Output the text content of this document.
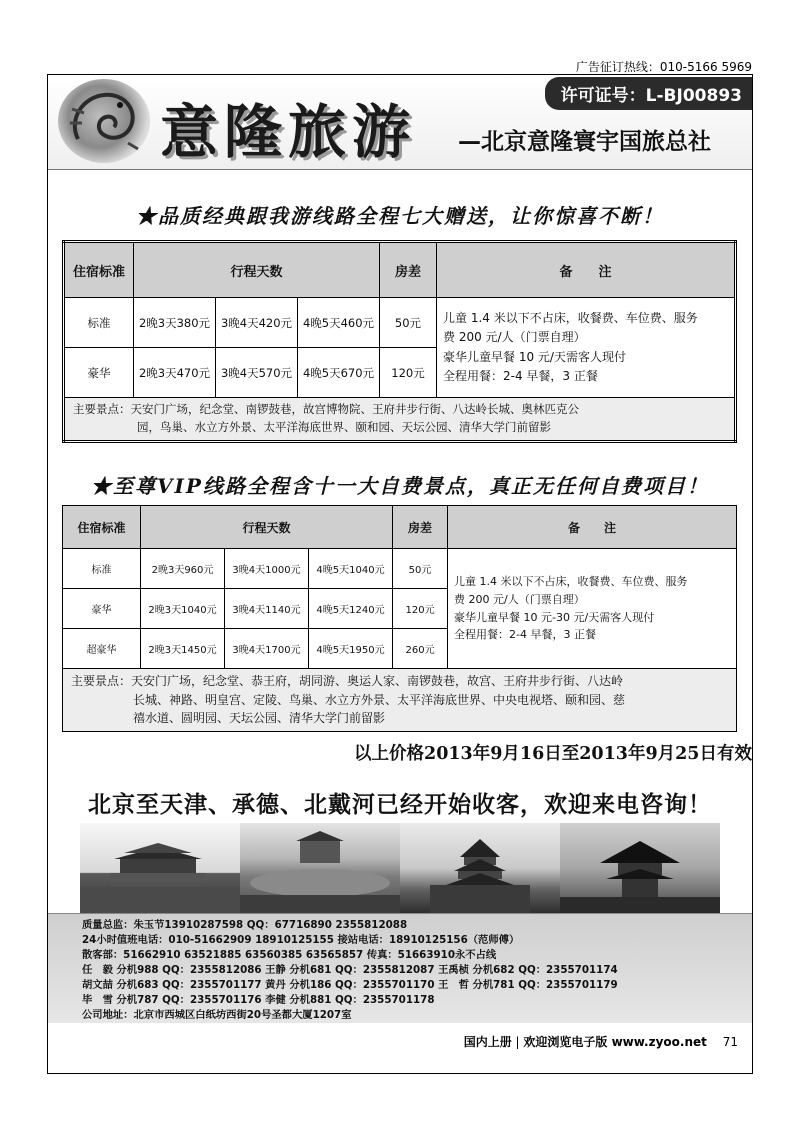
广告征订热线：010-5166 5969
意隆旅游 —北京意隆寰宇国旅总社
许可证号：L-BJ00893
★品质经典跟我游线路全程七大赠送，让你惊喜不断！
住宿标准	行程天数			房差	备　　注
标准	2晚3天380元	3晚4天420元	4晚5天460元	50元	儿童 1.4 米以下不占床，收餐费、车位费、服务
费 200 元/人（门票自理）
豪华儿童早餐 10 元/天需客人现付
全程用餐：2-4 早餐，3 正餐

豪华	2晚3天470元	3晚4天570元	4晚5天670元	120元	

主要景点：天安门广场，纪念堂、南锣鼓巷，故宫博物院、王府井步行街、八达岭长城、奥林匹克公
园，鸟巢、水立方外景、太平洋海底世界、颐和园、天坛公园、清华大学门前留影					
★至尊VIP线路全程含十一大自费景点，真正无任何自费项目！
住宿标准	行程天数			房差	备　　注
标准	2晚3天960元	3晚4天1000元	4晚5天1040元	50元	儿童 1.4 米以下不占床，收餐费、车位费、服务
费 200 元/人（门票自理）
豪华儿童早餐 10 元-30 元/天需客人现付
全程用餐：2-4 早餐，3 正餐

豪华	2晚3天1040元	3晚4天1140元	4晚5天1240元	120元	
超豪华	2晚3天1450元	3晚4天1700元	4晚5天1950元	260元	

主要景点：天安门广场，纪念堂、恭王府，胡同游、奥运人家、南锣鼓巷，故宫、王府井步行街、八达岭
长城、神路、明皇宫、定陵、鸟巢、水立方外景、太平洋海底世界、中央电视塔、颐和园、慈
禧水道、圆明园、天坛公园、清华大学门前留影					
以上价格2013年9月16日至2013年9月25日有效
北京至天津、承德、北戴河已经开始收客，欢迎来电咨询！
质量总监：朱玉节13910287598 QQ：67716890 2355812088
24小时值班电话：010-51662909 18910125155 接站电话：18910125156（范师傅）
散客部：51662910 63521885 63560385 63565857 传真：51663910永不占线
任　毅 分机988 QQ：2355812086 王静 分机681 QQ：2355812087 王禹桢 分机682 QQ：2355701174
胡文喆 分机683 QQ：2355701177 黄丹 分机186 QQ：2355701170 王　哲 分机781 QQ：2355701179
毕　雪 分机787 QQ：2355701176 李健 分机881 QQ：2355701178
公司地址：北京市西城区白纸坊西街20号圣都大厦1207室
国内上册 | 欢迎浏览电子版 www.zyoo.net 71
